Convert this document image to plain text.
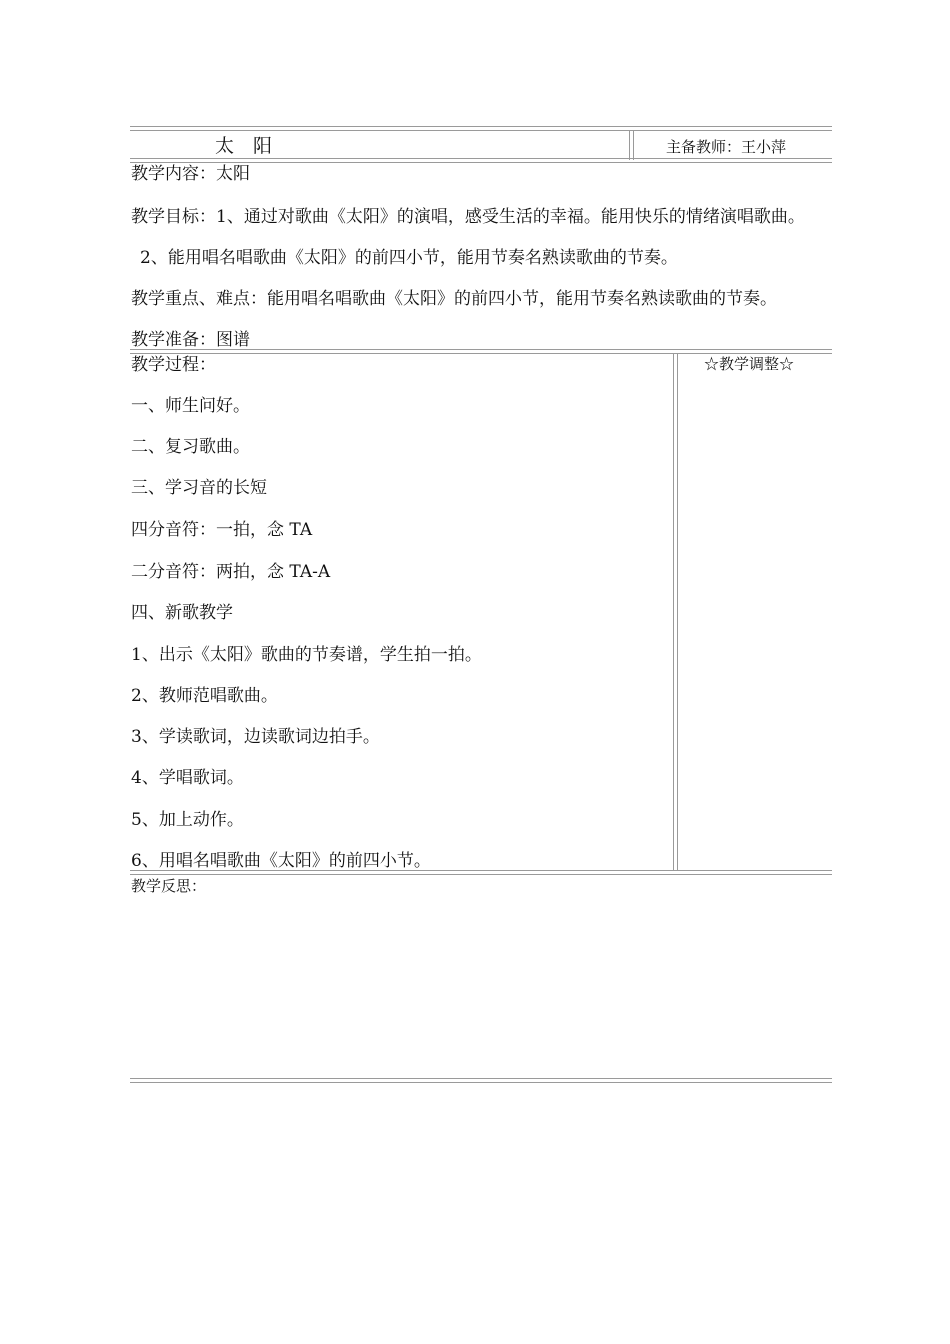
太　阳	主备教师：王小萍
教学内容：太阳
教学目标：1、通过对歌曲《太阳》的演唱，感受生活的幸福。能用快乐的情绪演唱歌曲。
2、能用唱名唱歌曲《太阳》的前四小节，能用节奏名熟读歌曲的节奏。
教学重点、难点：能用唱名唱歌曲《太阳》的前四小节，能用节奏名熟读歌曲的节奏。
教学准备：图谱
教学过程：
一、师生问好。
二、复习歌曲。
三、学习音的长短
四分音符：一拍，念 TA
二分音符：两拍，念 TA-A
四、新歌教学
1、出示《太阳》歌曲的节奏谱，学生拍一拍。
2、教师范唱歌曲。
3、学读歌词，边读歌词边拍手。
4、学唱歌词。
5、加上动作。
6、用唱名唱歌曲《太阳》的前四小节。
☆教学调整☆
教学反思：
